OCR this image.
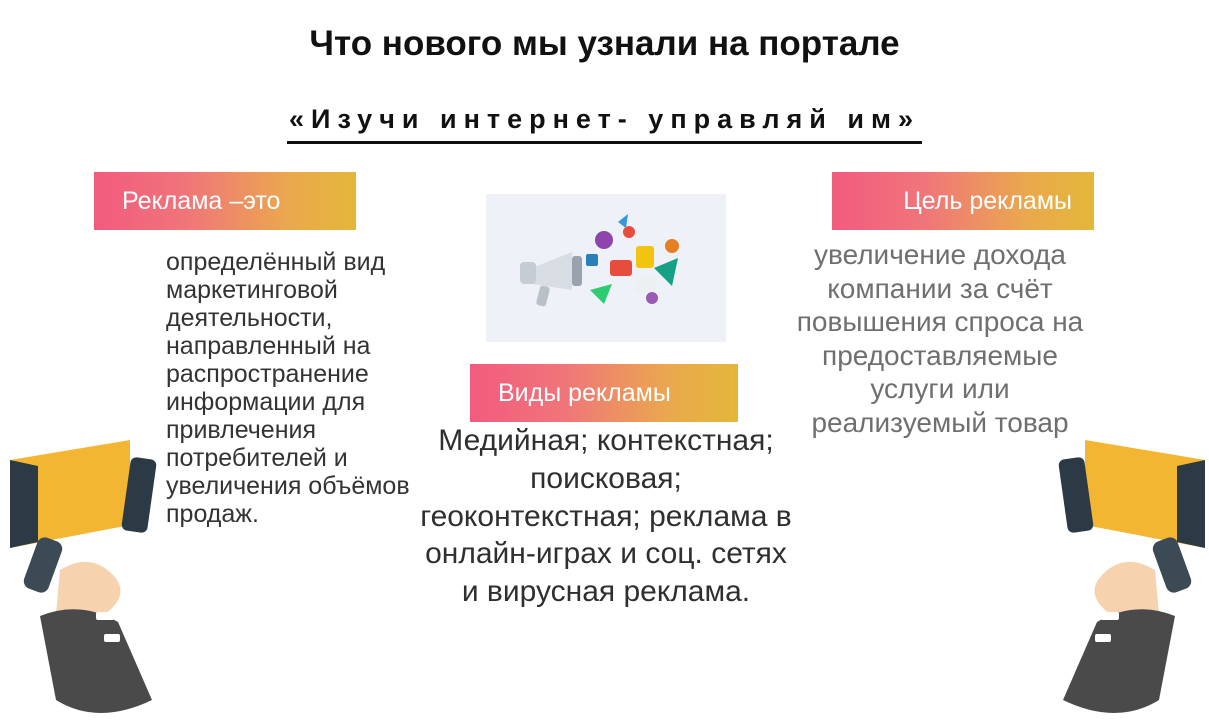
Что нового мы узнали на портале
«Изучи интернет- управляй им»
Реклама –это
определённый вид маркетинговой деятельности, направленный на распространение информации для привлечения потребителей и увеличения объёмов продаж.
Виды рекламы
Медийная; контекстная; поисковая; геоконтекстная; реклама в онлайн-играх и соц. сетях и вирусная реклама.
Цель рекламы
увеличение дохода компании за счёт повышения спроса на предоставляемые услуги или реализуемый товар
